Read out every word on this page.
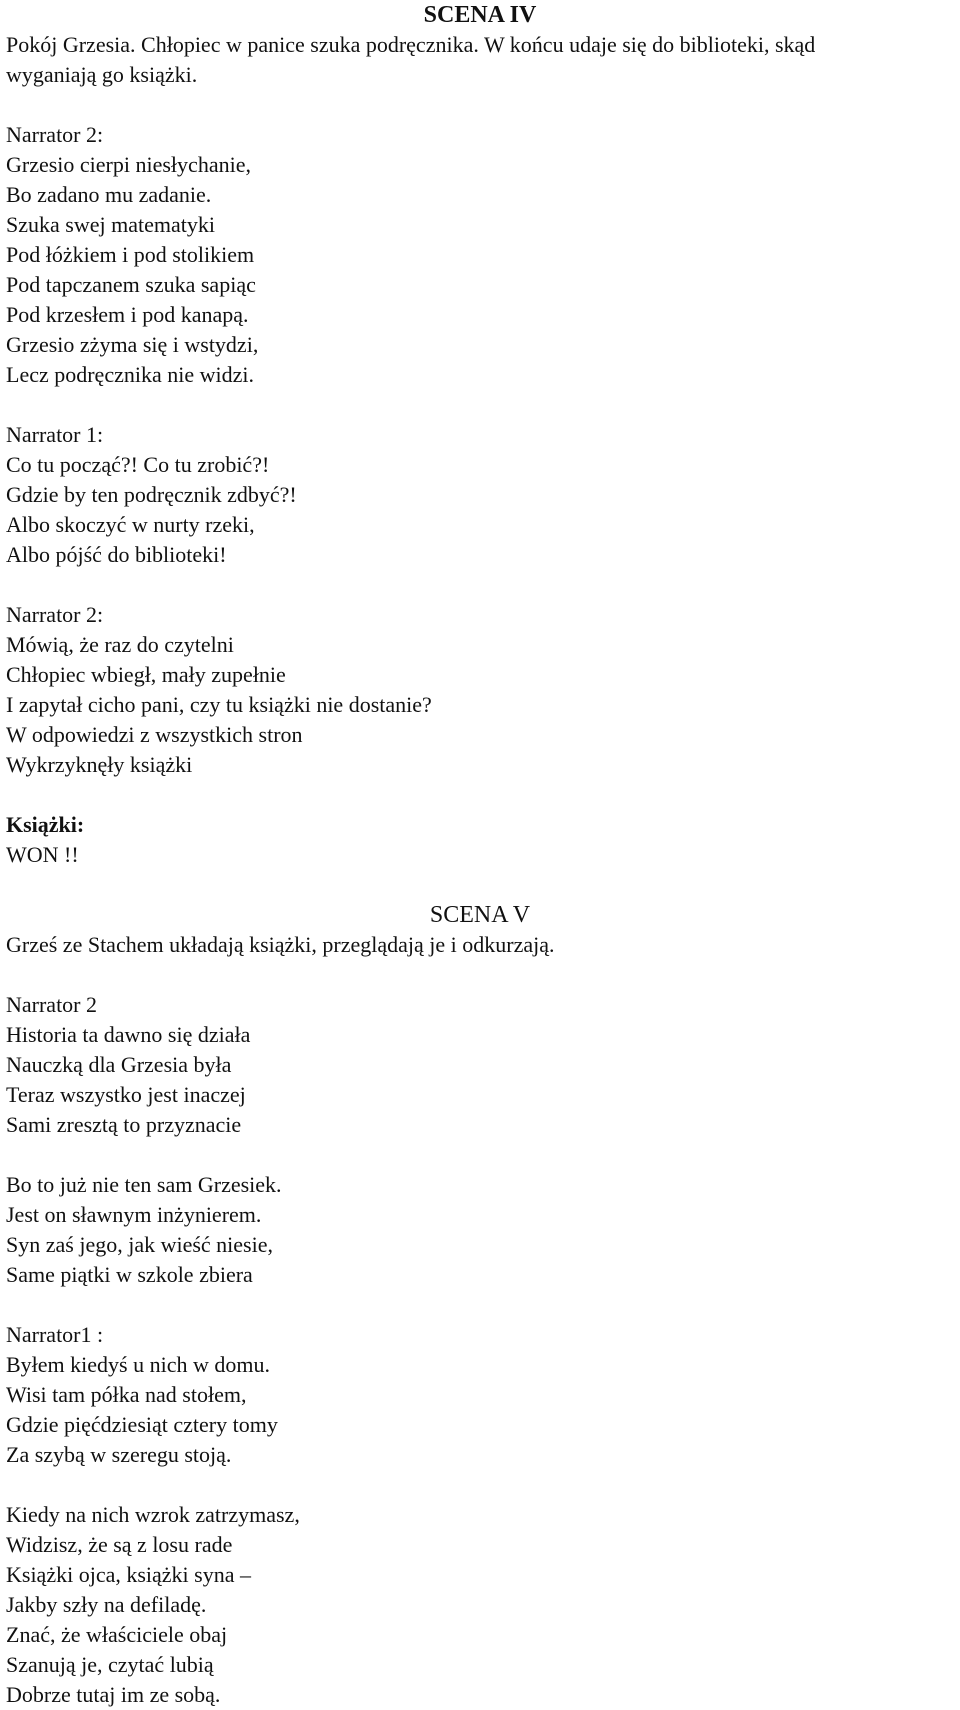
SCENA IV
Pokój Grzesia. Chłopiec w panice szuka podręcznika. W końcu udaje się do biblioteki, skąd
wyganiają go książki.
Narrator 2:
Grzesio cierpi niesłychanie,
Bo zadano mu zadanie.
Szuka swej matematyki
Pod łóżkiem i pod stolikiem
Pod tapczanem szuka sapiąc
Pod krzesłem i pod kanapą.
Grzesio zżyma się i wstydzi,
Lecz podręcznika nie widzi.
Narrator 1:
Co tu począć?! Co tu zrobić?!
Gdzie by ten podręcznik zdbyć?!
Albo skoczyć w nurty rzeki,
Albo pójść do biblioteki!
Narrator 2:
Mówią, że raz do czytelni
Chłopiec wbiegł, mały zupełnie
I zapytał cicho pani, czy tu książki nie dostanie?
W odpowiedzi z wszystkich stron
Wykrzyknęły książki
Książki:
WON !!
SCENA V
Grześ ze Stachem układają książki, przeglądają je i odkurzają.
Narrator 2
Historia ta dawno się działa
Nauczką dla Grzesia była
Teraz wszystko jest inaczej
Sami zresztą to przyznacie
Bo to już nie ten sam Grzesiek.
Jest on sławnym inżynierem.
Syn zaś jego, jak wieść niesie,
Same piątki w szkole zbiera
Narrator1 :
Byłem kiedyś u nich w domu.
Wisi tam półka nad stołem,
Gdzie pięćdziesiąt cztery tomy
Za szybą w szeregu stoją.
Kiedy na nich wzrok zatrzymasz,
Widzisz, że są z losu rade
Książki ojca, książki syna –
Jakby szły na defiladę.
Znać, że właściciele obaj
Szanują je, czytać lubią
Dobrze tutaj im ze sobą.
